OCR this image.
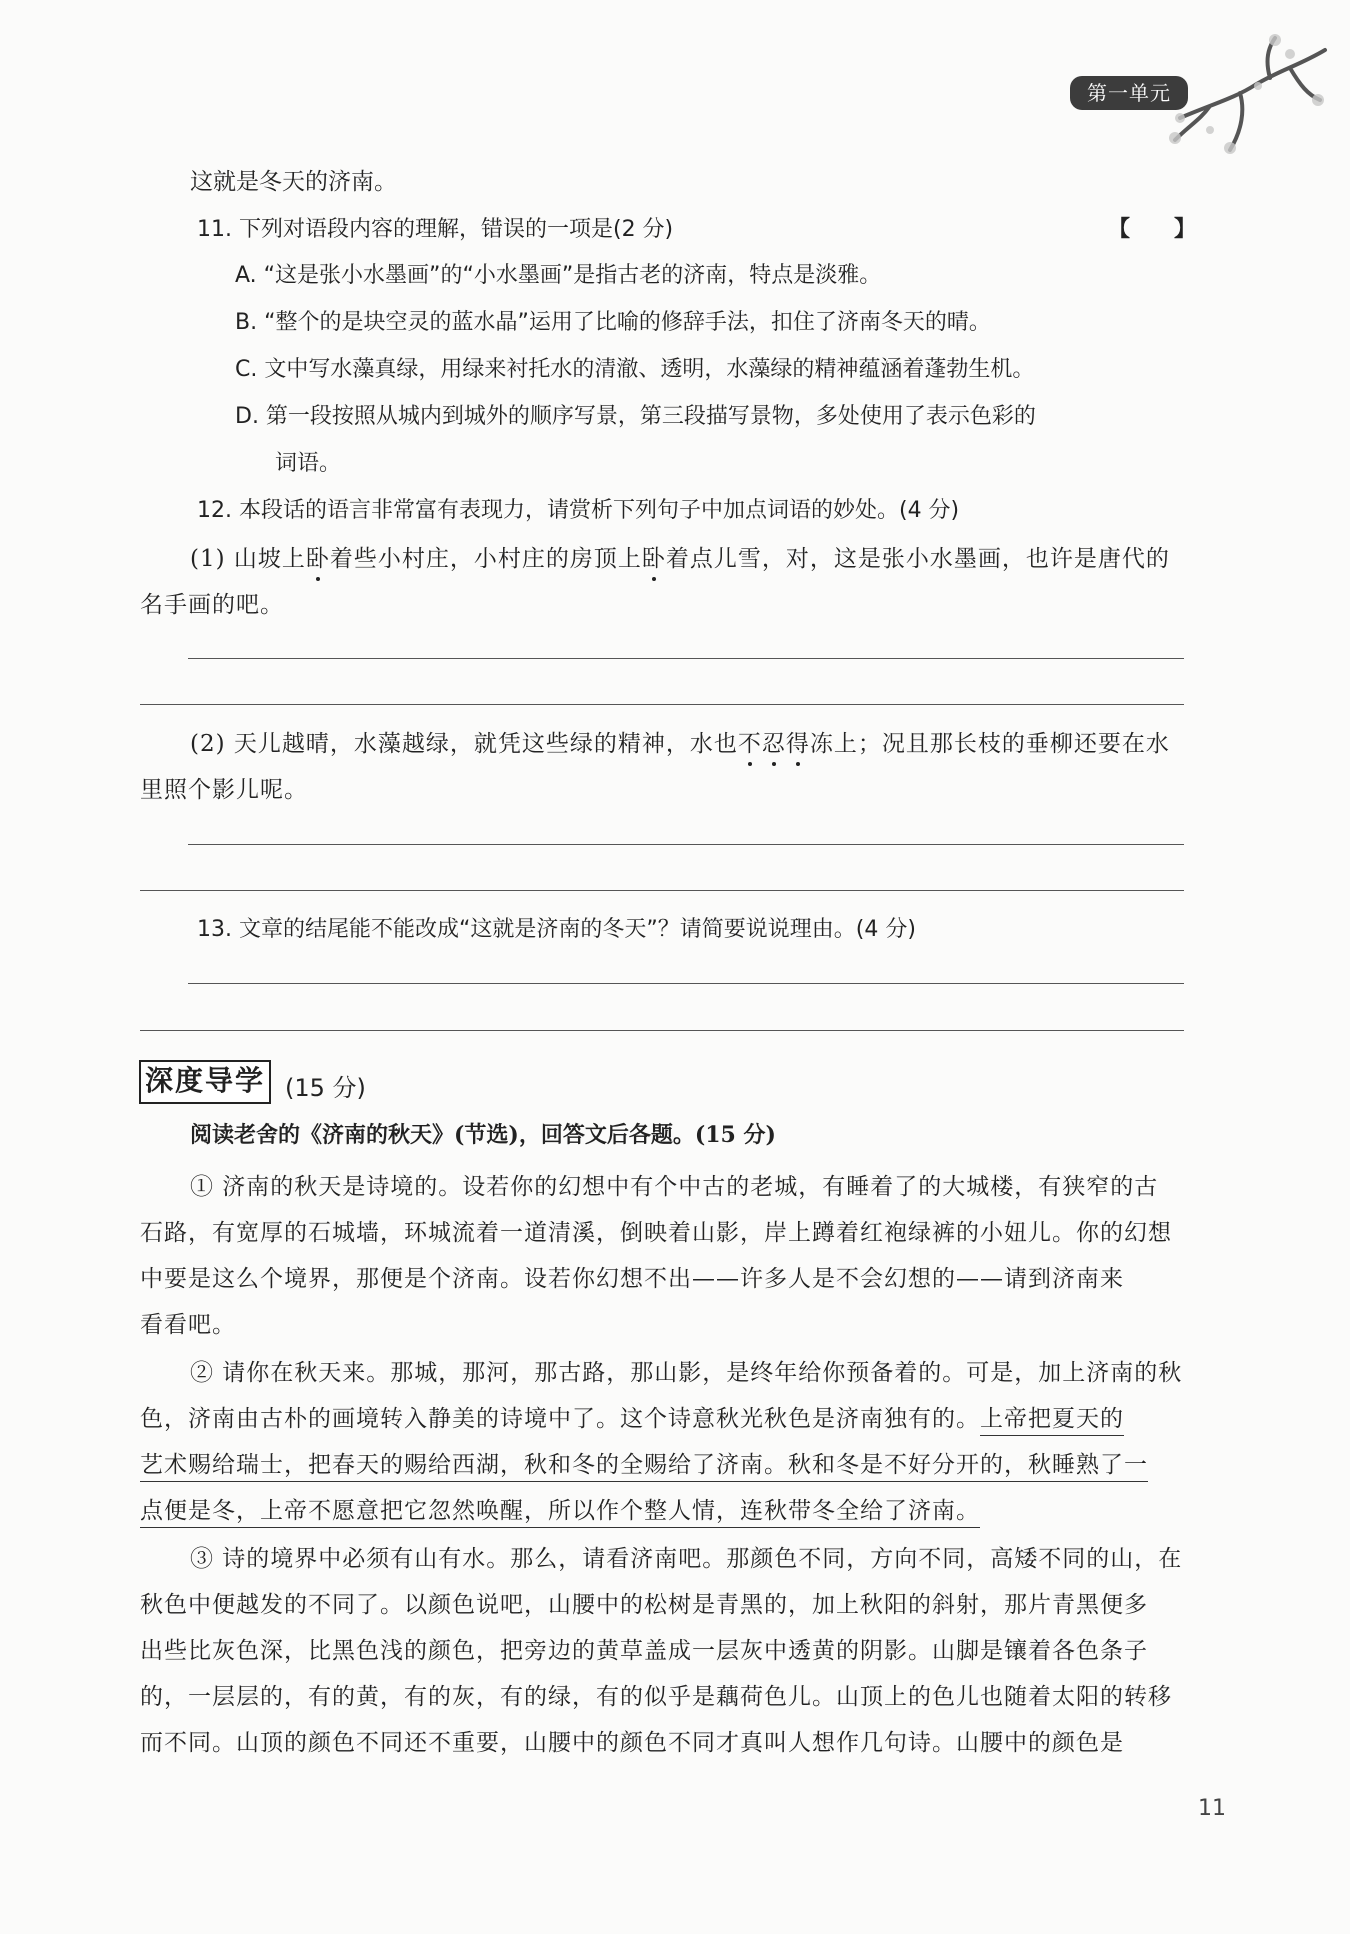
第一单元
这就是冬天的济南。
11. 下列对语段内容的理解，错误的一项是(2 分)	【　　】
A. “这是张小水墨画”的“小水墨画”是指古老的济南，特点是淡雅。
B. “整个的是块空灵的蓝水晶”运用了比喻的修辞手法，扣住了济南冬天的晴。
C. 文中写水藻真绿，用绿来衬托水的清澈、透明，水藻绿的精神蕴涵着蓬勃生机。
D. 第一段按照从城内到城外的顺序写景，第三段描写景物，多处使用了表示色彩的
词语。
12. 本段话的语言非常富有表现力，请赏析下列句子中加点词语的妙处。(4 分)
(1) 山坡上卧着些小村庄，小村庄的房顶上卧着点儿雪，对，这是张小水墨画，也许是唐代的
名手画的吧。
(2) 天儿越晴，水藻越绿，就凭这些绿的精神，水也不忍得冻上；况且那长枝的垂柳还要在水
里照个影儿呢。
13. 文章的结尾能不能改成“这就是济南的冬天”？请简要说说理由。(4 分)
深度导学 (15 分)
阅读老舍的《济南的秋天》(节选)，回答文后各题。(15 分)
① 济南的秋天是诗境的。设若你的幻想中有个中古的老城，有睡着了的大城楼，有狭窄的古
石路，有宽厚的石城墙，环城流着一道清溪，倒映着山影，岸上蹲着红袍绿裤的小妞儿。你的幻想
中要是这么个境界，那便是个济南。设若你幻想不出——许多人是不会幻想的——请到济南来
看看吧。
② 请你在秋天来。那城，那河，那古路，那山影，是终年给你预备着的。可是，加上济南的秋
色，济南由古朴的画境转入静美的诗境中了。这个诗意秋光秋色是济南独有的。上帝把夏天的
艺术赐给瑞士，把春天的赐给西湖，秋和冬的全赐给了济南。秋和冬是不好分开的，秋睡熟了一
点便是冬，上帝不愿意把它忽然唤醒，所以作个整人情，连秋带冬全给了济南。
③ 诗的境界中必须有山有水。那么，请看济南吧。那颜色不同，方向不同，高矮不同的山，在
秋色中便越发的不同了。以颜色说吧，山腰中的松树是青黑的，加上秋阳的斜射，那片青黑便多
出些比灰色深，比黑色浅的颜色，把旁边的黄草盖成一层灰中透黄的阴影。山脚是镶着各色条子
的，一层层的，有的黄，有的灰，有的绿，有的似乎是藕荷色儿。山顶上的色儿也随着太阳的转移
而不同。山顶的颜色不同还不重要，山腰中的颜色不同才真叫人想作几句诗。山腰中的颜色是
11
